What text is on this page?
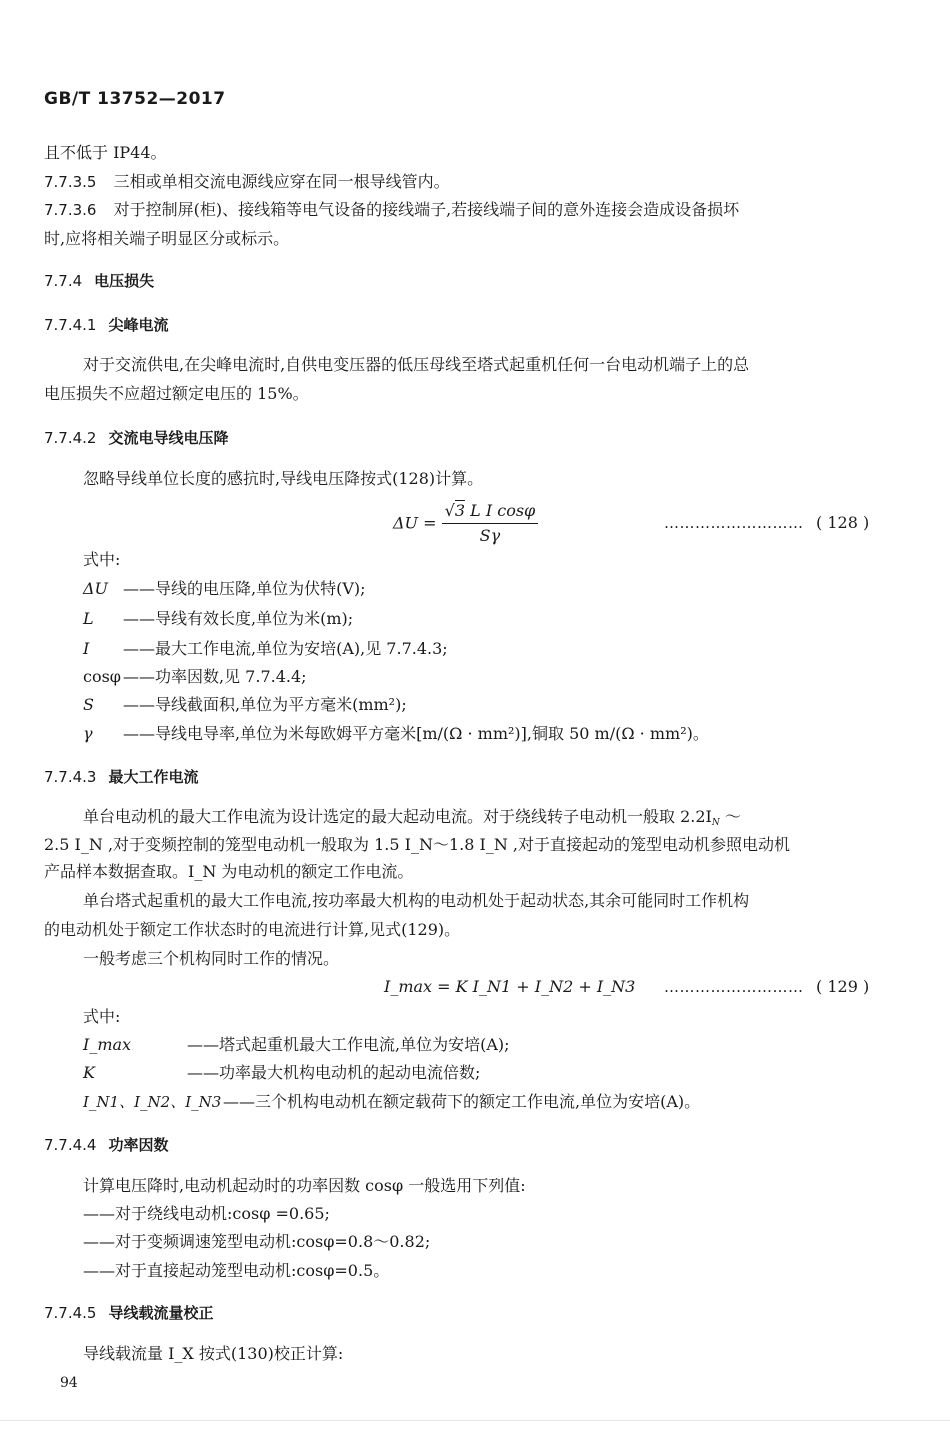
GB/T 13752—2017
且不低于 IP44。
7.7.3.5 三相或单相交流电源线应穿在同一根导线管内。
7.7.3.6 对于控制屏(柜)、接线箱等电气设备的接线端子,若接线端子间的意外连接会造成设备损坏
时,应将相关端子明显区分或标示。
7.7.4 电压损失
7.7.4.1 尖峰电流
对于交流供电,在尖峰电流时,自供电变压器的低压母线至塔式起重机任何一台电动机端子上的总
电压损失不应超过额定电压的 15%。
7.7.4.2 交流电导线电压降
忽略导线单位长度的感抗时,导线电压降按式(128)计算。
$\Delta U = \frac{\text{√3 L I cosφ}}{S\gamma}$	……………………… ( 128 )
式中:
ΔU ——导线的电压降,单位为伏特(V);
L ——导线有效长度,单位为米(m);
I ——最大工作电流,单位为安培(A),见 7.7.4.3;
cosφ ——功率因数,见 7.7.4.4;
S ——导线截面积,单位为平方毫米(mm²);
γ ——导线电导率,单位为米每欧姆平方毫米[m/(Ω · mm²)],铜取 50 m/(Ω · mm²)。
7.7.4.3 最大工作电流
单台电动机的最大工作电流为设计选定的最大起动电流。对于绕线转子电动机一般取 $2.2I_N$ ～
2.5 I_N ,对于变频控制的笼型电动机一般取为 1.5 I_N～1.8 I_N ,对于直接起动的笼型电动机参照电动机
产品样本数据查取。I_N 为电动机的额定工作电流。
单台塔式起重机的最大工作电流,按功率最大机构的电动机处于起动状态,其余可能同时工作机构
的电动机处于额定工作状态时的电流进行计算,见式(129)。
一般考虑三个机构同时工作的情况。
I_max = K I_N1 + I_N2 + I_N3 ……………………… ( 129 )
式中:
I_max	——塔式起重机最大工作电流,单位为安培(A);
K	——功率最大机构电动机的起动电流倍数;
I_N1、I_N2、I_N3 ——三个机构电动机在额定载荷下的额定工作电流,单位为安培(A)。
7.7.4.4 功率因数
计算电压降时,电动机起动时的功率因数 cosφ 一般选用下列值:
——对于绕线电动机:cosφ =0.65;
——对于变频调速笼型电动机:cosφ=0.8～0.82;
——对于直接起动笼型电动机:cosφ=0.5。
7.7.4.5 导线载流量校正
导线载流量 I_X 按式(130)校正计算:
94
